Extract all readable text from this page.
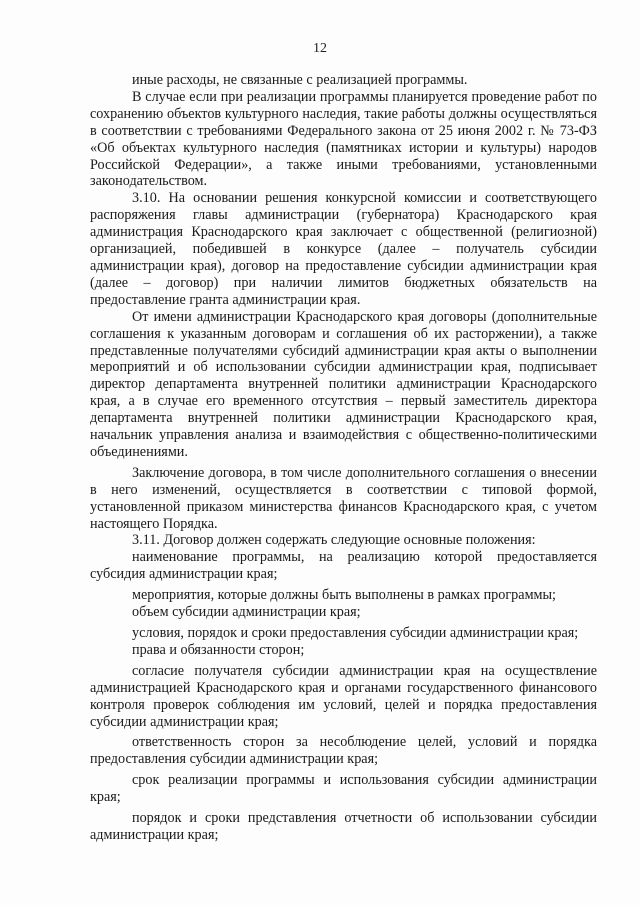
12

иные расходы, не связанные с реализацией программы.

В случае если при реализации программы планируется проведение работ по сохранению объектов культурного наследия, такие работы должны осуществляться в соответствии с требованиями Федерального закона от 25 июня 2002 г. № 73-ФЗ «Об объектах культурного наследия (памятниках истории и культуры) народов Российской Федерации», а также иными требованиями, установленными законодательством.

3.10. На основании решения конкурсной комиссии и соответствующего распоряжения главы администрации (губернатора) Краснодарского края администрация Краснодарского края заключает с общественной (религиозной) организацией, победившей в конкурсе (далее – получатель субсидии администрации края), договор на предоставление субсидии администрации края (далее – договор) при наличии лимитов бюджетных обязательств на предоставление гранта администрации края.

От имени администрации Краснодарского края договоры (дополнительные соглашения к указанным договорам и соглашения об их расторжении), а также представленные получателями субсидий администрации края акты о выполнении мероприятий и об использовании субсидии администрации края, подписывает директор департамента внутренней политики администрации Краснодарского края, а в случае его временного отсутствия – первый заместитель директора департамента внутренней политики администрации Краснодарского края, начальник управления анализа и взаимодействия с общественно-политическими объединениями.

Заключение договора, в том числе дополнительного соглашения о внесении в него изменений, осуществляется в соответствии с типовой формой, установленной приказом министерства финансов Краснодарского края, с учетом настоящего Порядка.

3.11. Договор должен содержать следующие основные положения:

наименование программы, на реализацию которой предоставляется субсидия администрации края;

мероприятия, которые должны быть выполнены в рамках программы;

объем субсидии администрации края;

условия, порядок и сроки предоставления субсидии администрации края;

права и обязанности сторон;

согласие получателя субсидии администрации края на осуществление администрацией Краснодарского края и органами государственного финансового контроля проверок соблюдения им условий, целей и порядка предоставления субсидии администрации края;

ответственность сторон за несоблюдение целей, условий и порядка предоставления субсидии администрации края;

срок реализации программы и использования субсидии администрации края;

порядок и сроки представления отчетности об использовании субсидии администрации края;
